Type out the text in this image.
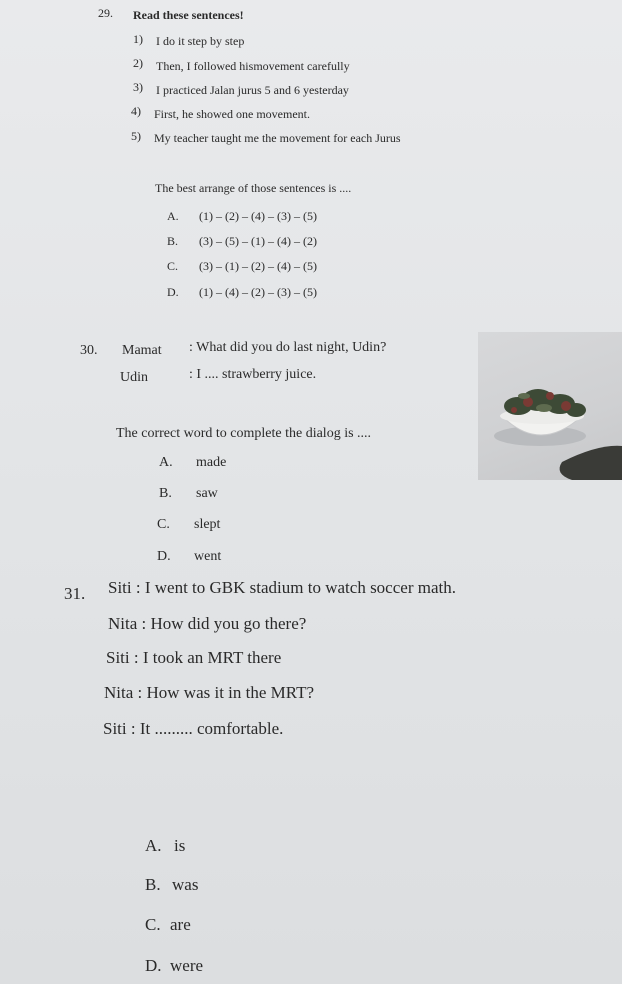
29. Read these sentences!
1) I do it step by step
2) Then, I followed hismovement carefully
3) I practiced Jalan jurus 5 and 6 yesterday
4) First, he showed one movement.
5) My teacher taught me the movement for each Jurus
The best arrange of those sentences is ....
A. (1) – (2) – (4) – (3) – (5)
B. (3) – (5) – (1) – (4) – (2)
C. (3) – (1) – (2) – (4) – (5)
D. (1) – (4) – (2) – (3) – (5)
30. Mamat : What did you do last night, Udin?
Udin	: I .... strawberry juice.
The correct word to complete the dialog is ....
A. made
B. saw
C. slept
D. went
31. Siti : I went to GBK stadium to watch soccer math.
Nita : How did you go there?
Siti : I took an MRT there
Nita : How was it in the MRT?
Siti : It ......... comfortable.
A. is
B. was
C. are
D. were
